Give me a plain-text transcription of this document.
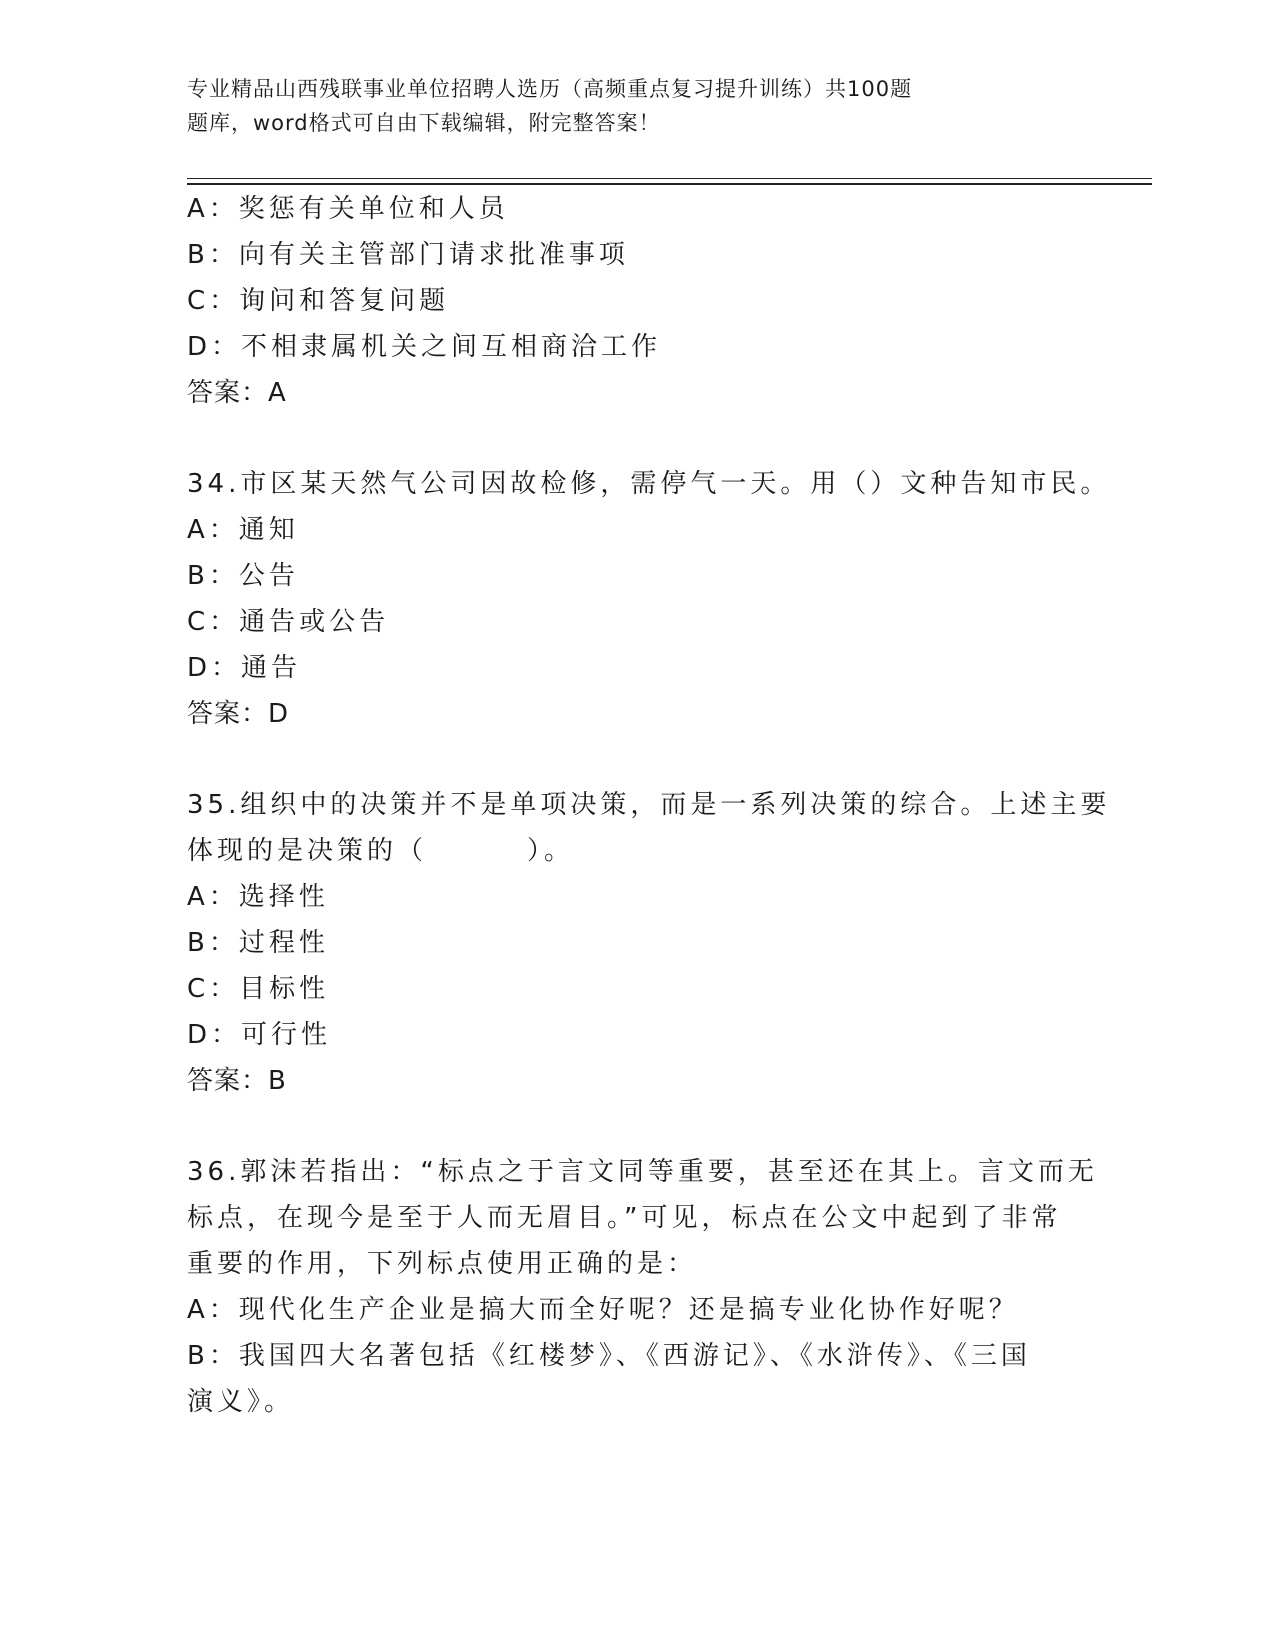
专业精品山西残联事业单位招聘人选历（高频重点复习提升训练）共100题
题库，word格式可自由下载编辑，附完整答案！
A：奖惩有关单位和人员
B：向有关主管部门请求批准事项
C：询问和答复问题
D：不相隶属机关之间互相商洽工作
答案：A
34.市区某天然气公司因故检修，需停气一天。用（）文种告知市民。
A：通知
B：公告
C：通告或公告
D：通告
答案：D
35.组织中的决策并不是单项决策，而是一系列决策的综合。上述主要
体现的是决策的（	）。
A：选择性
B：过程性
C：目标性
D：可行性
答案：B
36.郭沫若指出：“标点之于言文同等重要，甚至还在其上。言文而无
标点，在现今是至于人而无眉目。”可见，标点在公文中起到了非常
重要的作用，下列标点使用正确的是：
A：现代化生产企业是搞大而全好呢？还是搞专业化协作好呢？
B：我国四大名著包括《红楼梦》、《西游记》、《水浒传》、《三国
演义》。
